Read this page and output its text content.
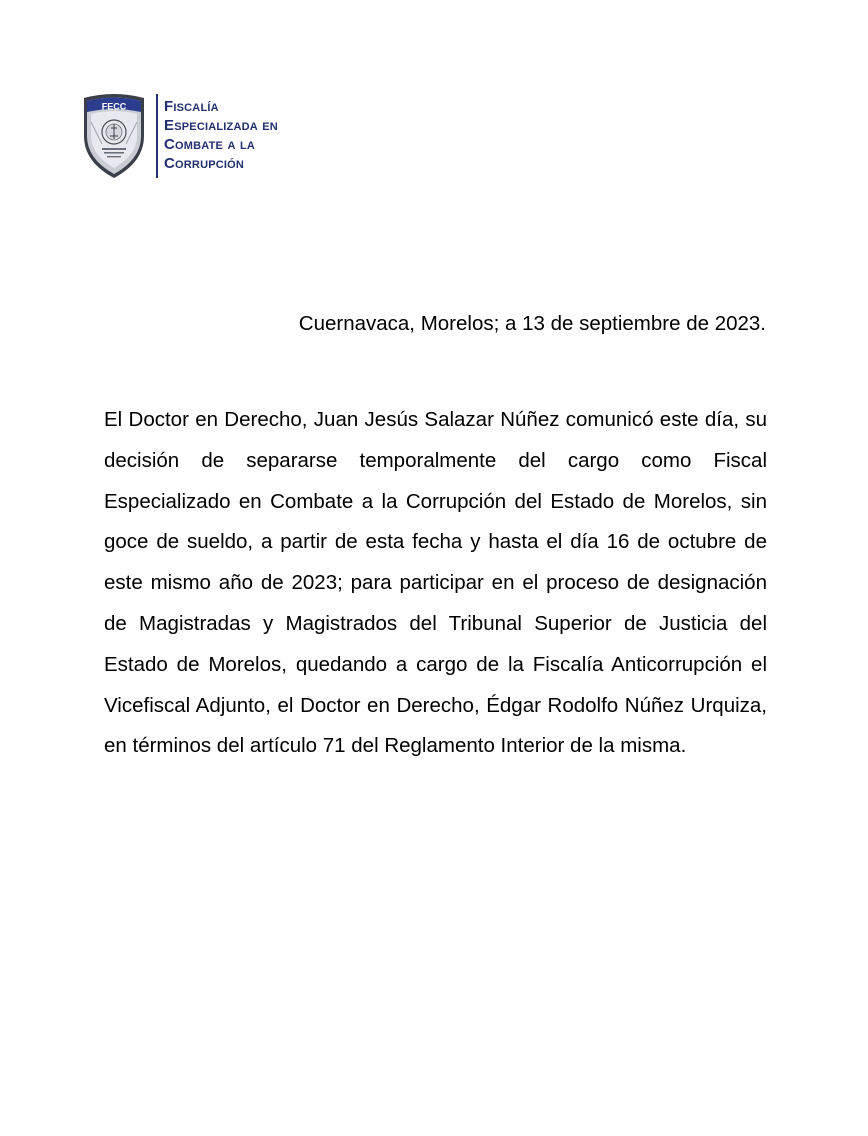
FECC	Fiscalía
Especializada en
Combate a la
Corrupción
Cuernavaca, Morelos; a 13 de septiembre de 2023.

El Doctor en Derecho, Juan Jesús Salazar Núñez comunicó este día, su decisión de separarse temporalmente del cargo como Fiscal Especializado en Combate a la Corrupción del Estado de Morelos, sin goce de sueldo, a partir de esta fecha y hasta el día 16 de octubre de este mismo año de 2023; para participar en el proceso de designación de Magistradas y Magistrados del Tribunal Superior de Justicia del Estado de Morelos, quedando a cargo de la Fiscalía Anticorrupción el Vicefiscal Adjunto, el Doctor en Derecho, Édgar Rodolfo Núñez Urquiza, en términos del artículo 71 del Reglamento Interior de la misma.
